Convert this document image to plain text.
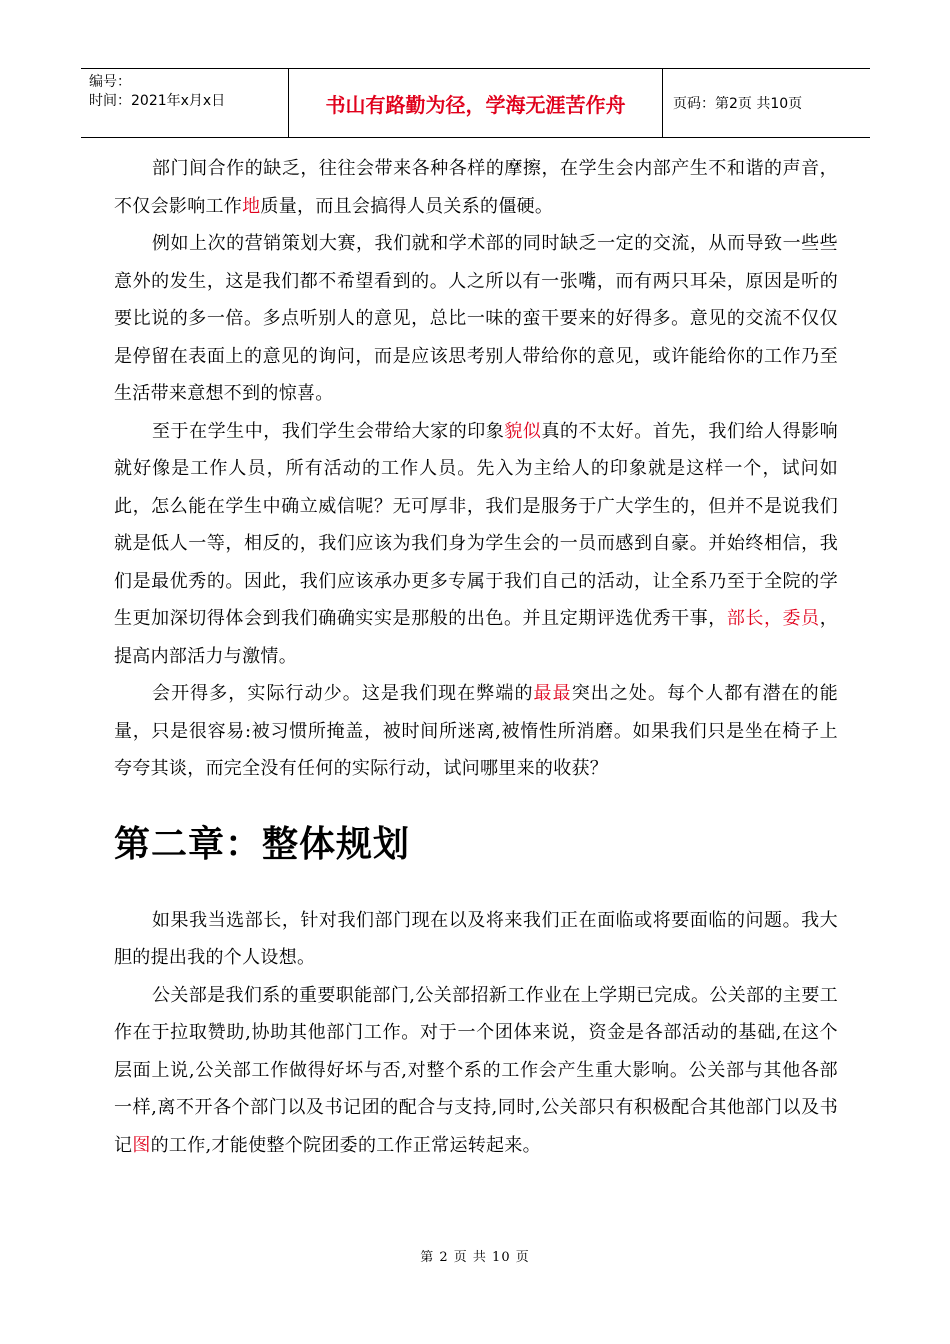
编号：
时间：2021年x月x日	书山有路勤为径，学海无涯苦作舟	页码：第2页 共10页

部门间合作的缺乏，往往会带来各种各样的摩擦，在学生会内部产生不和谐的声音，不仅会影响工作地质量，而且会搞得人员关系的僵硬。

例如上次的营销策划大赛，我们就和学术部的同时缺乏一定的交流，从而导致一些些意外的发生，这是我们都不希望看到的。人之所以有一张嘴，而有两只耳朵，原因是听的要比说的多一倍。多点听别人的意见，总比一味的蛮干要来的好得多。意见的交流不仅仅是停留在表面上的意见的询问，而是应该思考别人带给你的意见，或许能给你的工作乃至生活带来意想不到的惊喜。

至于在学生中，我们学生会带给大家的印象貌似真的不太好。首先，我们给人得影响就好像是工作人员，所有活动的工作人员。先入为主给人的印象就是这样一个，试问如此，怎么能在学生中确立威信呢？无可厚非，我们是服务于广大学生的，但并不是说我们就是低人一等，相反的，我们应该为我们身为学生会的一员而感到自豪。并始终相信，我们是最优秀的。因此，我们应该承办更多专属于我们自己的活动，让全系乃至于全院的学生更加深切得体会到我们确确实实是那般的出色。并且定期评选优秀干事，部长，委员，提高内部活力与激情。

会开得多，实际行动少。这是我们现在弊端的最最突出之处。每个人都有潜在的能量，只是很容易:被习惯所掩盖，被时间所迷离,被惰性所消磨。如果我们只是坐在椅子上夸夸其谈，而完全没有任何的实际行动，试问哪里来的收获？

第二章：整体规划

如果我当选部长，针对我们部门现在以及将来我们正在面临或将要面临的问题。我大胆的提出我的个人设想。

公关部是我们系的重要职能部门,公关部招新工作业在上学期已完成。公关部的主要工作在于拉取赞助,协助其他部门工作。对于一个团体来说，资金是各部活动的基础,在这个层面上说,公关部工作做得好坏与否,对整个系的工作会产生重大影响。公关部与其他各部一样,离不开各个部门以及书记团的配合与支持,同时,公关部只有积极配合其他部门以及书记图的工作,才能使整个院团委的工作正常运转起来。

第 2 页 共 10 页
